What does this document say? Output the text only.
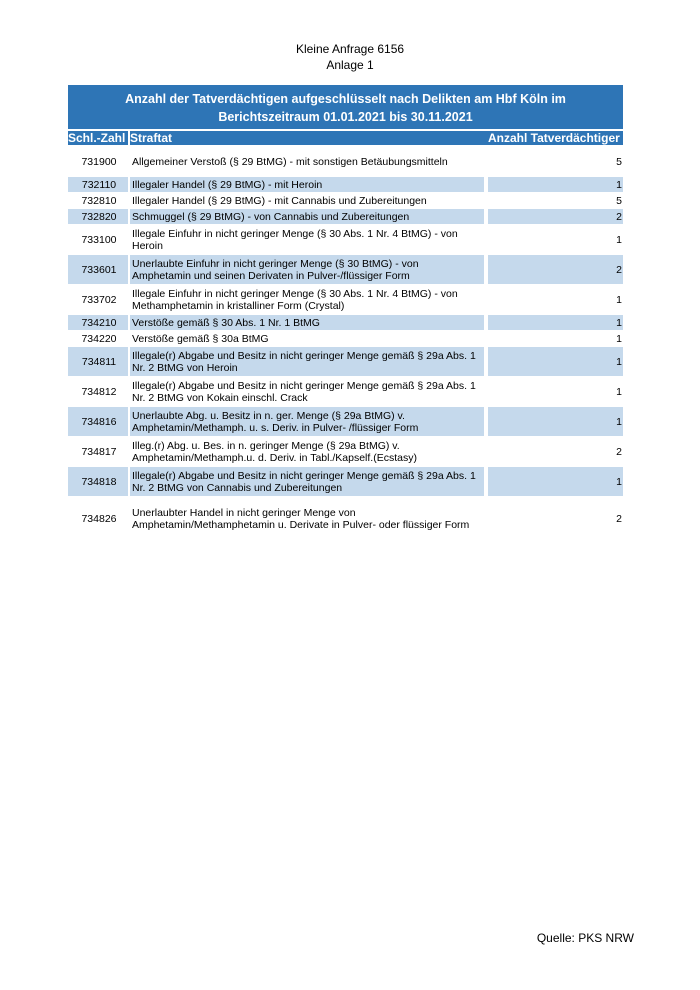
Kleine Anfrage 6156
Anlage 1
Anzahl der Tatverdächtigen aufgeschlüsselt nach Delikten am Hbf Köln im
Berichtszeitraum 01.01.2021 bis 30.11.2021
Schl.-Zahl Straftat	Anzahl Tatverdächtiger
731900	Allgemeiner Verstoß (§ 29 BtMG) - mit sonstigen Betäubungsmitteln	5
732110	Illegaler Handel (§ 29 BtMG) - mit Heroin	1
732810	Illegaler Handel (§ 29 BtMG) - mit Cannabis und Zubereitungen	5
732820	Schmuggel (§ 29 BtMG) - von Cannabis und Zubereitungen	2
733100	Illegale Einfuhr in nicht geringer Menge (§ 30 Abs. 1 Nr. 4 BtMG) - von
Heroin	1
733601	Unerlaubte Einfuhr in nicht geringer Menge (§ 30 BtMG) - von
Amphetamin und seinen Derivaten in Pulver-/flüssiger Form	2
733702	Illegale Einfuhr in nicht geringer Menge (§ 30 Abs. 1 Nr. 4 BtMG) - von
Methamphetamin in kristalliner Form (Crystal)	1
734210	Verstöße gemäß § 30 Abs. 1 Nr. 1 BtMG	1
734220	Verstöße gemäß § 30a BtMG	1
734811	Illegale(r) Abgabe und Besitz in nicht geringer Menge gemäß § 29a Abs. 1
Nr. 2 BtMG von Heroin	1
734812	Illegale(r) Abgabe und Besitz in nicht geringer Menge gemäß § 29a Abs. 1
Nr. 2 BtMG von Kokain einschl. Crack	1
734816	Unerlaubte Abg. u. Besitz in n. ger. Menge (§ 29a BtMG) v.
Amphetamin/Methamph. u. s. Deriv. in Pulver- /flüssiger Form	1
734817	Illeg.(r) Abg. u. Bes. in n. geringer Menge (§ 29a BtMG) v.
Amphetamin/Methamph.u. d. Deriv. in Tabl./Kapself.(Ecstasy)	2
734818	Illegale(r) Abgabe und Besitz in nicht geringer Menge gemäß § 29a Abs. 1
Nr. 2 BtMG von Cannabis und Zubereitungen	1
734826	Unerlaubter Handel in nicht geringer Menge von
Amphetamin/Methamphetamin u. Derivate in Pulver- oder flüssiger Form	2
Quelle: PKS NRW
